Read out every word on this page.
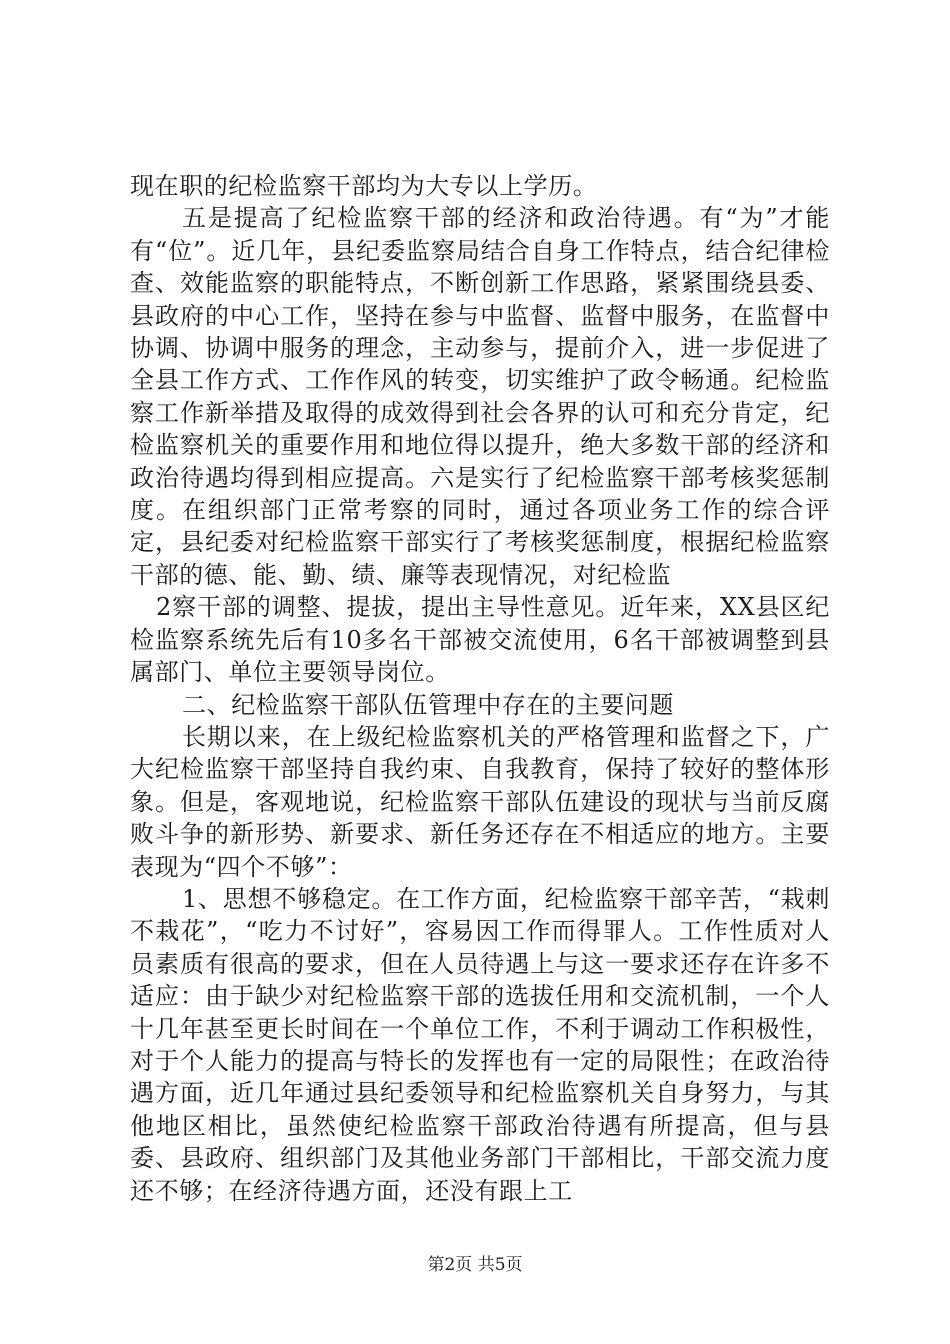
现在职的纪检监察干部均为大专以上学历。

五是提高了纪检监察干部的经济和政治待遇。有“为”才能有“位”。近几年，县纪委监察局结合自身工作特点，结合纪律检查、效能监察的职能特点，不断创新工作思路，紧紧围绕县委、县政府的中心工作，坚持在参与中监督、监督中服务，在监督中协调、协调中服务的理念，主动参与，提前介入，进一步促进了全县工作方式、工作作风的转变，切实维护了政令畅通。纪检监察工作新举措及取得的成效得到社会各界的认可和充分肯定，纪检监察机关的重要作用和地位得以提升，绝大多数干部的经济和政治待遇均得到相应提高。六是实行了纪检监察干部考核奖惩制度。在组织部门正常考察的同时，通过各项业务工作的综合评定，县纪委对纪检监察干部实行了考核奖惩制度，根据纪检监察干部的德、能、勤、绩、廉等表现情况，对纪检监

2察干部的调整、提拔，提出主导性意见。近年来，XX县区纪检监察系统先后有10多名干部被交流使用，6名干部被调整到县属部门、单位主要领导岗位。

二、纪检监察干部队伍管理中存在的主要问题

长期以来，在上级纪检监察机关的严格管理和监督之下，广大纪检监察干部坚持自我约束、自我教育，保持了较好的整体形象。但是，客观地说，纪检监察干部队伍建设的现状与当前反腐败斗争的新形势、新要求、新任务还存在不相适应的地方。主要表现为“四个不够”：

1、思想不够稳定。在工作方面，纪检监察干部辛苦，“栽刺不栽花”，“吃力不讨好”，容易因工作而得罪人。工作性质对人员素质有很高的要求，但在人员待遇上与这一要求还存在许多不适应：由于缺少对纪检监察干部的选拔任用和交流机制，一个人十几年甚至更长时间在一个单位工作，不利于调动工作积极性，对于个人能力的提高与特长的发挥也有一定的局限性；在政治待遇方面，近几年通过县纪委领导和纪检监察机关自身努力，与其他地区相比，虽然使纪检监察干部政治待遇有所提高，但与县委、县政府、组织部门及其他业务部门干部相比，干部交流力度还不够；在经济待遇方面，还没有跟上工

第2页 共5页
